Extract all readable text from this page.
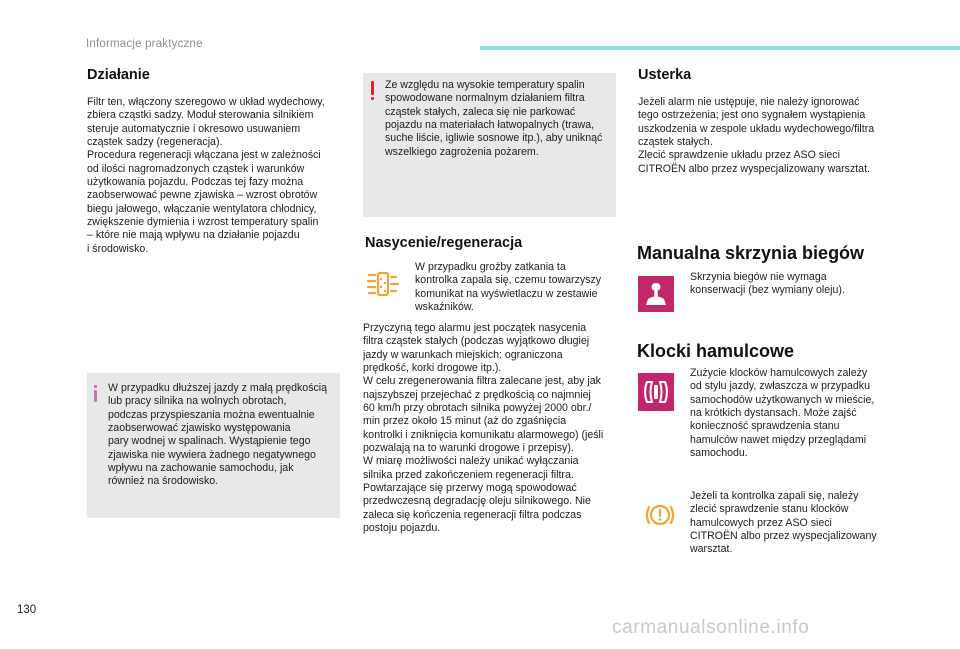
Informacje praktyczne
Działanie

Filtr ten, włączony szeregowo w układ wydechowy,
zbiera cząstki sadzy. Moduł sterowania silnikiem
steruje automatycznie i okresowo usuwaniem
cząstek sadzy (regeneracja).
Procedura regeneracji włączana jest w zależności
od ilości nagromadzonych cząstek i warunków
użytkowania pojazdu. Podczas tej fazy można
zaobserwować pewne zjawiska – wzrost obrotów
biegu jałowego, włączanie wentylatora chłodnicy,
zwiększenie dymienia i wzrost temperatury spalin
– które nie mają wpływu na działanie pojazdu
i środowisko.

W przypadku dłuższej jazdy z małą prędkością
lub pracy silnika na wolnych obrotach,
podczas przyspieszania można ewentualnie
zaobserwować zjawisko występowania
pary wodnej w spalinach. Wystąpienie tego
zjawiska nie wywiera żadnego negatywnego
wpływu na zachowanie samochodu, jak
również na środowisko.

Ze względu na wysokie temperatury spalin
spowodowane normalnym działaniem filtra
cząstek stałych, zaleca się nie parkować
pojazdu na materiałach łatwopalnych (trawa,
suche liście, igliwie sosnowe itp.), aby uniknąć
wszelkiego zagrożenia pożarem.

Nasycenie/regeneracja

W przypadku groźby zatkania ta
kontrolka zapala się, czemu towarzyszy
komunikat na wyświetlaczu w zestawie
wskaźników.

Przyczyną tego alarmu jest początek nasycenia
filtra cząstek stałych (podczas wyjątkowo długiej
jazdy w warunkach miejskich: ograniczona
prędkość, korki drogowe itp.).
W celu zregenerowania filtra zalecane jest, aby jak
najszybszej przejechać z prędkością co najmniej
60 km/h przy obrotach silnika powyżej 2000 obr./
min przez około 15 minut (aż do zgaśnięcia
kontrolki i zniknięcia komunikatu alarmowego) (jeśli
pozwalają na to warunki drogowe i przepisy).
W miarę możliwości należy unikać wyłączania
silnika przed zakończeniem regeneracji filtra.
Powtarzające się przerwy mogą spowodować
przedwczesną degradację oleju silnikowego. Nie
zaleca się kończenia regeneracji filtra podczas
postoju pojazdu.

Usterka

Jeżeli alarm nie ustępuje, nie należy ignorować
tego ostrzeżenia; jest ono sygnałem wystąpienia
uszkodzenia w zespole układu wydechowego/filtra
cząstek stałych.
Zlecić sprawdzenie układu przez ASO sieci
CITROËN albo przez wyspecjalizowany warsztat.

Manualna skrzynia biegów

Skrzynia biegów nie wymaga
konserwacji (bez wymiany oleju).

Klocki hamulcowe

Zużycie klocków hamulcowych zależy
od stylu jazdy, zwłaszcza w przypadku
samochodów użytkowanych w mieście,
na krótkich dystansach. Może zajść
konieczność sprawdzenia stanu
hamulców nawet między przeglądami
samochodu.

Jeżeli ta kontrolka zapali się, należy
zlecić sprawdzenie stanu klocków
hamulcowych przez ASO sieci
CITROËN albo przez wyspecjalizowany
warsztat.

130
carmanualsonline.info
